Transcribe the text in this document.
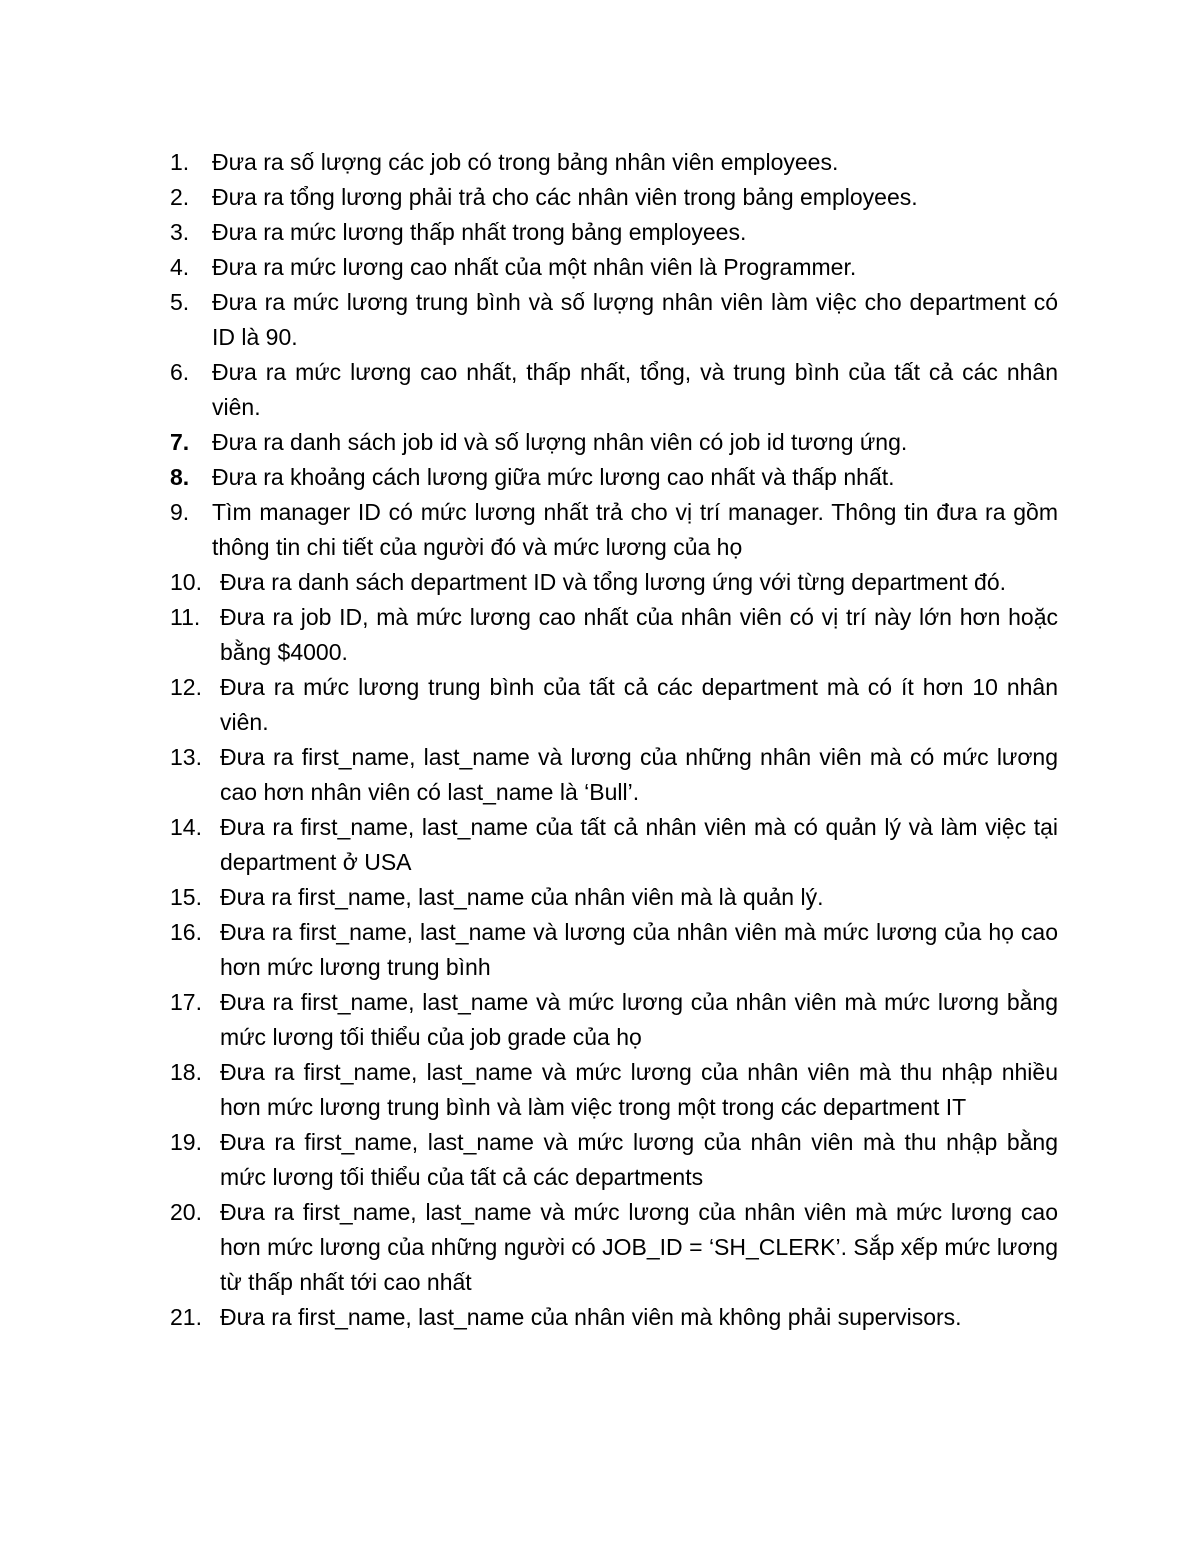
1. Đưa ra số lượng các job có trong bảng nhân viên employees.
2. Đưa ra tổng lương phải trả cho các nhân viên trong bảng employees.
3. Đưa ra mức lương thấp nhất trong bảng employees.
4. Đưa ra mức lương cao nhất của một nhân viên là Programmer.
5. Đưa ra mức lương trung bình và số lượng nhân viên làm việc cho department có ID là 90.
6. Đưa ra mức lương cao nhất, thấp nhất, tổng, và trung bình của tất cả các nhân viên.
7. Đưa ra danh sách job id và số lượng nhân viên có job id tương ứng.
8. Đưa ra khoảng cách lương giữa mức lương cao nhất và thấp nhất.
9. Tìm manager ID có mức lương nhất trả cho vị trí manager. Thông tin đưa ra gồm thông tin chi tiết của người đó và mức lương của họ
10. Đưa ra danh sách department ID và tổng lương ứng với từng department đó.
11. Đưa ra job ID, mà mức lương cao nhất của nhân viên có vị trí này lớn hơn hoặc bằng $4000.
12. Đưa ra mức lương trung bình của tất cả các department mà có ít hơn 10 nhân viên.
13. Đưa ra first_name, last_name và lương của những nhân viên mà có mức lương cao hơn nhân viên có last_name là ‘Bull’.
14. Đưa ra first_name, last_name của tất cả nhân viên mà có quản lý và làm việc tại department ở USA
15. Đưa ra first_name, last_name của nhân viên mà là quản lý.
16. Đưa ra first_name, last_name và lương của nhân viên mà mức lương của họ cao hơn mức lương trung bình
17. Đưa ra first_name, last_name và mức lương của nhân viên mà mức lương bằng mức lương tối thiểu của job grade của họ
18. Đưa ra first_name, last_name và mức lương của nhân viên mà thu nhập nhiều hơn mức lương trung bình và làm việc trong một trong các department IT
19. Đưa ra first_name, last_name và mức lương của nhân viên mà thu nhập bằng mức lương tối thiểu của tất cả các departments
20. Đưa ra first_name, last_name và mức lương của nhân viên mà mức lương cao hơn mức lương của những người có JOB_ID = ‘SH_CLERK’. Sắp xếp mức lương từ thấp nhất tới cao nhất
21. Đưa ra first_name, last_name của nhân viên mà không phải supervisors.
